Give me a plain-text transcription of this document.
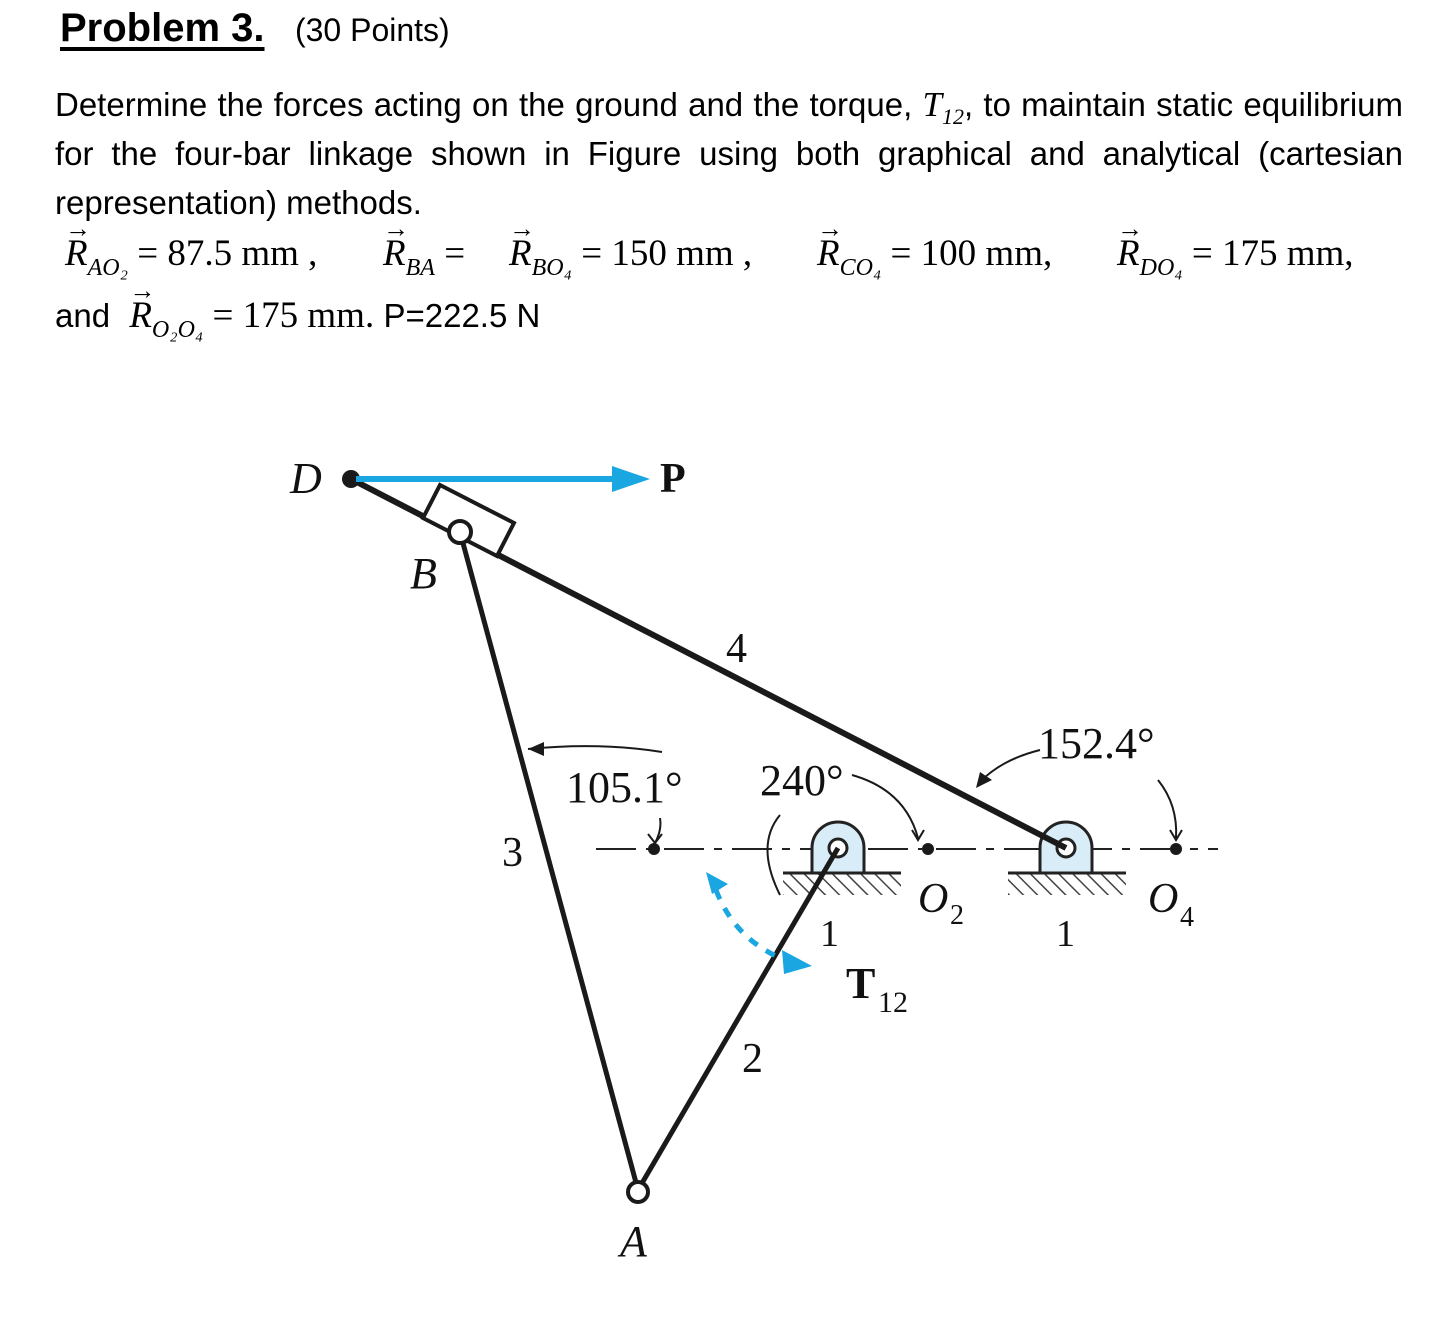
Problem 3. (30 Points)
Determine the forces acting on the ground and the torque, $T_{12}$, to maintain static equilibrium for the four-bar linkage shown in Figure using both graphical and analytical (cartesian representation) methods.
→ $R_{AO_2} = 87.5$ mm , → $R_{BA}$ = → $R_{BO_4} = 150$ mm , → $R_{CO_4} = 100$ mm, → $R_{DO_4} = 175$ mm,
and → $R_{O_2O_4} = 175$ mm. P=222.5 N
D	P
B
4
3
2
A
105.1° 240°
152.4°
1	1
O 2	O 4
T 12
